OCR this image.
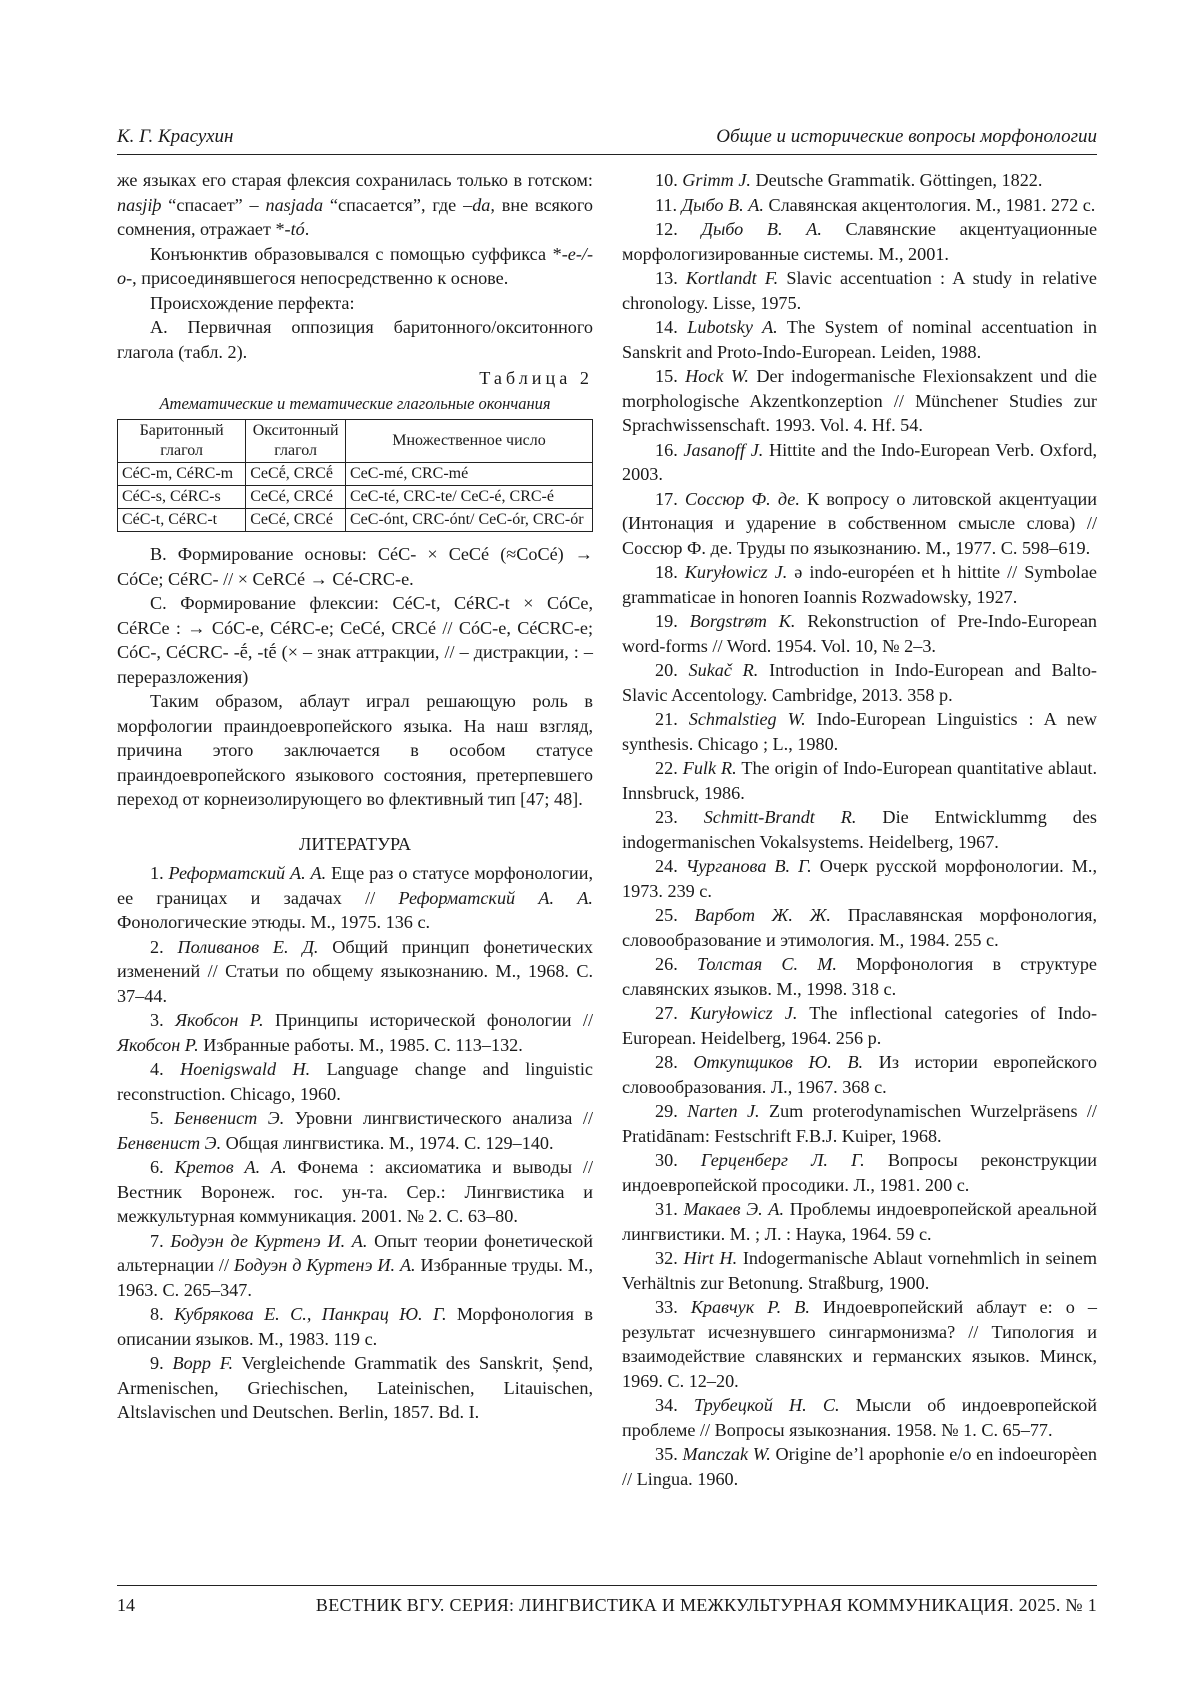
К. Г. Красухин	Общие и исторические вопросы морфонологии

же языках его старая флексия сохранилась только в готском: nasjiþ “спасает” – nasjada “спасается”, где –da, вне всякого сомнения, отражает *-tó.

Конъюнктив образовывался с помощью суффикса *-e-/-o-, присоединявшегося непосредственно к основе.

Происхождение перфекта:

А. Первичная оппозиция баритонного/окситонного глагола (табл. 2).

Таблица 2

Атематические и тематические глагольные окончания

Баритонный глагол	Окситонный глагол	Множественное число
CéC-m, CéRC-m	CeCḗ, CRCḗ	CeC-mé, CRC-mé
CéC-s, CéRC-s	CeCé, CRCé	CeC-té, CRC-te/ CeC-é, CRC-é
CéC-t, CéRC-t	CeCé, CRCé	CeC-ónt, CRC-ónt/ CeC-ór, CRC-ór

B. Формирование основы: CéC- × CeCé (≈CoCé) → CóCe; CéRC- // × CeRCé → Cé-CRC-e.

C. Формирование флексии: CéC-t, CéRC-t × CóCe, CéRCe : → CóC-e, CéRC-e; CeCé, CRCé // CóC-e, CéCRC-e; CóC-, CéCRC- -ḗ, -tḗ (× – знак аттракции, // – дистракции, : – переразложения)

Таким образом, аблаут играл решающую роль в морфологии праиндоевропейского языка. На наш взгляд, причина этого заключается в особом статусе праиндоевропейского языкового состояния, претерпевшего переход от корнеизолирующего во флективный тип [47; 48].

ЛИТЕРАТУРА

1. Реформатский А. А. Еще раз о статусе морфонологии, ее границах и задачах // Реформатский А. А. Фонологические этюды. М., 1975. 136 с.

2. Поливанов Е. Д. Общий принцип фонетических изменений // Статьи по общему языкознанию. М., 1968. С. 37–44.

3. Якобсон Р. Принципы исторической фонологии // Якобсон Р. Избранные работы. М., 1985. С. 113–132.

4. Hoenigswald H. Language change and linguistic reconstruction. Chicago, 1960.

5. Бенвенист Э. Уровни лингвистического анализа // Бенвенист Э. Общая лингвистика. М., 1974. С. 129–140.

6. Кретов А. А. Фонема : аксиоматика и выводы // Вестник Воронеж. гос. ун-та. Сер.: Лингвистика и межкультурная коммуникация. 2001. № 2. С. 63–80.

7. Бодуэн де Куртенэ И. А. Опыт теории фонетической альтернации // Бодуэн д Куртенэ И. А. Избранные труды. М., 1963. С. 265–347.

8. Кубрякова Е. С., Панкрац Ю. Г. Морфонология в описании языков. М., 1983. 119 с.

9. Bopp F. Vergleichende Grammatik des Sanskrit, Șend, Armenischen, Griechischen, Lateinischen, Litauischen, Altslavischen und Deutschen. Berlin, 1857. Bd. I.

10. Grimm J. Deutsche Grammatik. Göttingen, 1822.

11. Дыбо В. А. Славянская акцентология. М., 1981. 272 с.

12. Дыбо В. А. Славянские акцентуационные морфологизированные системы. М., 2001.

13. Kortlandt F. Slavic accentuation : A study in relative chronology. Lisse, 1975.

14. Lubotsky A. The System of nominal accentuation in Sanskrit and Proto-Indo-European. Leiden, 1988.

15. Hock W. Der indogermanische Flexionsakzent und die morphologische Akzentkonzeption // Münchener Studies zur Sprachwissenschaft. 1993. Vol. 4. Hf. 54.

16. Jasanoff J. Hittite and the Indo-European Verb. Oxford, 2003.

17. Соссюр Ф. де. К вопросу о литовской акцентуации (Интонация и ударение в собственном смысле слова) // Соссюр Ф. де. Труды по языкознанию. М., 1977. С. 598–619.

18. Kuryłowicz J. ə indo-européen et h hittite // Symbolae grammaticae in honoren Ioannis Rozwadowsky, 1927.

19. Borgstrøm K. Rekonstruction of Pre-Indo-European word-forms // Word. 1954. Vol. 10, № 2–3.

20. Sukač R. Introduction in Indo-European and Balto-Slavic Accentology. Cambridge, 2013. 358 p.

21. Schmalstieg W. Indo-European Linguistics : A new synthesis. Chicago ; L., 1980.

22. Fulk R. The origin of Indo-European quantitative ablaut. Innsbruck, 1986.

23. Schmitt-Brandt R. Die Entwicklummg des indogermanischen Vokalsystems. Heidelberg, 1967.

24. Чурганова В. Г. Очерк русской морфонологии. М., 1973. 239 с.

25. Варбот Ж. Ж. Праславянская морфонология, словообразование и этимология. М., 1984. 255 с.

26. Толстая С. М. Морфонология в структуре славянских языков. М., 1998. 318 с.

27. Kuryłowicz J. The inflectional categories of Indo-European. Heidelberg, 1964. 256 p.

28. Откупщиков Ю. В. Из истории европейского словообразования. Л., 1967. 368 с.

29. Narten J. Zum proterodynamischen Wurzelpräsens // Pratidānam: Festschrift F.B.J. Kuiper, 1968.

30. Герценберг Л. Г. Вопросы реконструкции индоевропейской просодики. Л., 1981. 200 с.

31. Макаев Э. А. Проблемы индоевропейской ареальной лингвистики. М. ; Л. : Наука, 1964. 59 с.

32. Hirt H. Indogermanische Ablaut vornehmlich in seinem Verhältnis zur Betonung. Straßburg, 1900.

33. Кравчук Р. В. Индоевропейский аблаут e: o – результат исчезнувшего сингармонизма? // Типология и взаимодействие славянских и германских языков. Минск, 1969. С. 12–20.

34. Трубецкой Н. С. Мысли об индоевропейской проблеме // Вопросы языкознания. 1958. № 1. С. 65–77.

35. Manczak W. Origine de’l apophonie e/o en indoeuropèen // Lingua. 1960.

14	ВЕСТНИК ВГУ. СЕРИЯ: ЛИНГВИСТИКА И МЕЖКУЛЬТУРНАЯ КОММУНИКАЦИЯ. 2025. № 1
